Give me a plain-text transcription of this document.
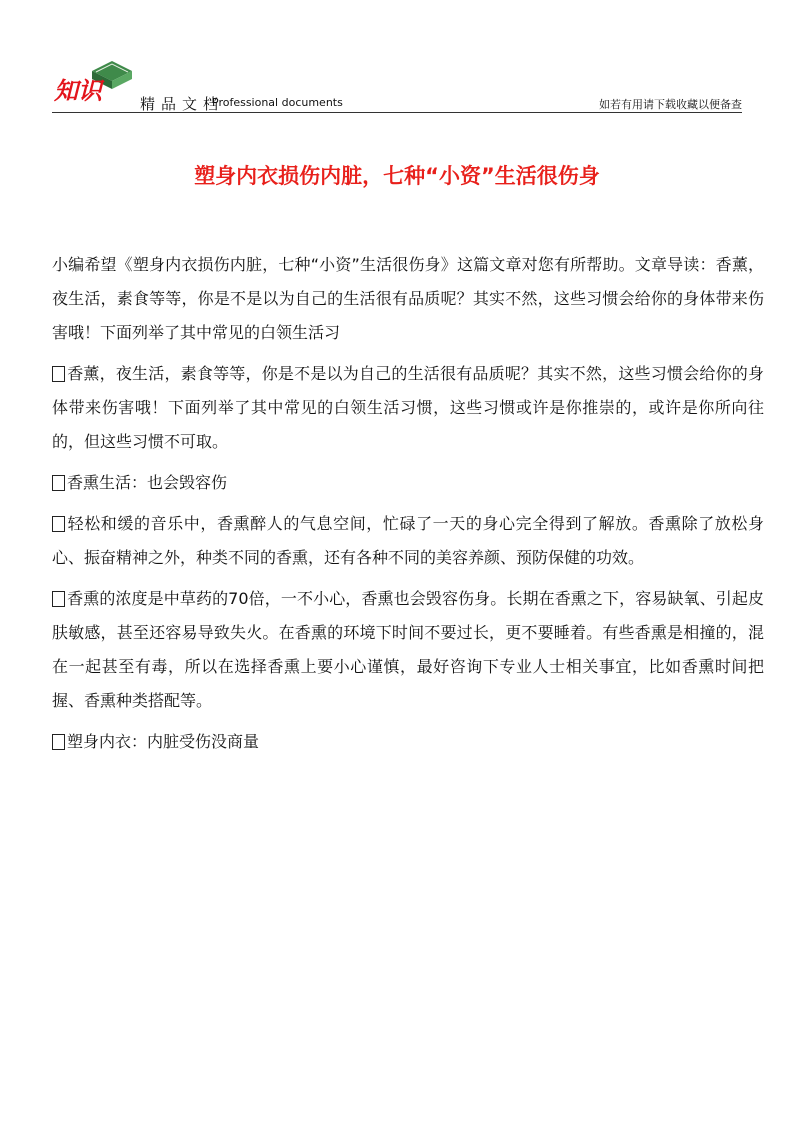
知识	精品文档
Professional documents	如若有用请下载收藏以便备查
塑身内衣损伤内脏，七种“小资”生活很伤身

小编希望《塑身内衣损伤内脏，七种“小资”生活很伤身》这篇文章对您有所帮助。文章导读：香薰，夜生活，素食等等，你是不是以为自己的生活很有品质呢？其实不然，这些习惯会给你的身体带来伤害哦！下面列举了其中常见的白领生活习

香薰，夜生活，素食等等，你是不是以为自己的生活很有品质呢？其实不然，这些习惯会给你的身体带来伤害哦！下面列举了其中常见的白领生活习惯，这些习惯或许是你推崇的，或许是你所向往的，但这些习惯不可取。

香熏生活：也会毁容伤

轻松和缓的音乐中，香熏醉人的气息空间，忙碌了一天的身心完全得到了解放。香熏除了放松身心、振奋精神之外，种类不同的香熏，还有各种不同的美容养颜、预防保健的功效。

香熏的浓度是中草药的70倍，一不小心，香熏也会毁容伤身。长期在香熏之下，容易缺氧、引起皮肤敏感，甚至还容易导致失火。在香熏的环境下时间不要过长，更不要睡着。有些香熏是相撞的，混在一起甚至有毒，所以在选择香熏上要小心谨慎，最好咨询下专业人士相关事宜，比如香熏时间把握、香熏种类搭配等。

塑身内衣：内脏受伤没商量
